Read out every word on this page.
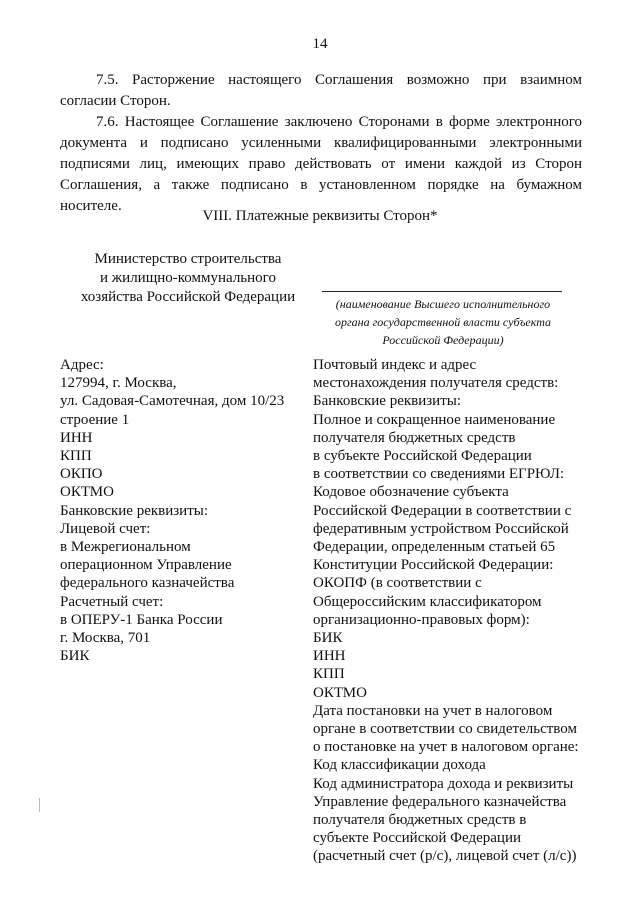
14
7.5. Расторжение настоящего Соглашения возможно при взаимном согласии Сторон.
7.6. Настоящее Соглашение заключено Сторонами в форме электронного документа и подписано усиленными квалифицированными электронными подписями лиц, имеющих право действовать от имени каждой из Сторон Соглашения, а также подписано в установленном порядке на бумажном носителе.
VIII. Платежные реквизиты Сторон*
Министерство строительства
и жилищно-коммунального
хозяйства Российской Федерации	(наименование Высшего исполнительного
органа государственной власти субъекта
Российской Федерации)
Адрес:
127994, г. Москва,
ул. Садовая-Самотечная, дом 10/23
строение 1
ИНН
КПП
ОКПО
ОКТМО
Банковские реквизиты:
Лицевой счет:
в Межрегиональном
операционном Управление
федерального казначейства
Расчетный счет:
в ОПЕРУ-1 Банка России
г. Москва, 701
БИК
Почтовый индекс и адрес
местонахождения получателя средств:
Банковские реквизиты:
Полное и сокращенное наименование
получателя бюджетных средств
в субъекте Российской Федерации
в соответствии со сведениями ЕГРЮЛ:
Кодовое обозначение субъекта
Российской Федерации в соответствии с
федеративным устройством Российской
Федерации, определенным статьей 65
Конституции Российской Федерации:
ОКОПФ (в соответствии с
Общероссийским классификатором
организационно-правовых форм):
БИК
ИНН
КПП
ОКТМО
Дата постановки на учет в налоговом
органе в соответствии со свидетельством
о постановке на учет в налоговом органе:
Код классификации дохода
Код администратора дохода и реквизиты
Управление федерального казначейства
получателя бюджетных средств в
субъекте Российской Федерации
(расчетный счет (р/с), лицевой счет (л/с))
